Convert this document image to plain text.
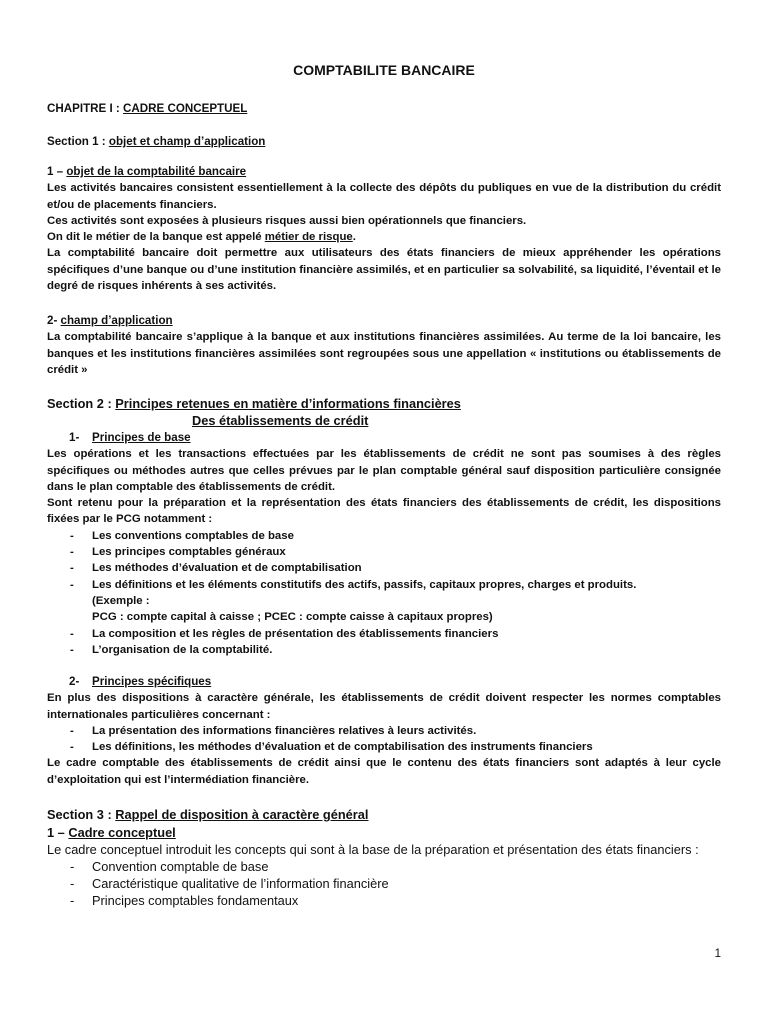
COMPTABILITE BANCAIRE
CHAPITRE I : CADRE CONCEPTUEL
Section 1 : objet et champ d’application
1 – objet de la comptabilité bancaire

Les activités bancaires consistent essentiellement à la collecte des dépôts du publiques en vue de la distribution du crédit et/ou de placements financiers.

Ces activités sont exposées à plusieurs risques aussi bien opérationnels que financiers.

On dit le métier de la banque est appelé métier de risque.

La comptabilité bancaire doit permettre aux utilisateurs des états financiers de mieux appréhender les opérations spécifiques d’une banque ou d’une institution financière assimilés, et en particulier sa solvabilité, sa liquidité, l’éventail et le degré de risques inhérents à ses activités.

2- champ d’application

La comptabilité bancaire s’applique à la banque et aux institutions financières assimilées. Au terme de la loi bancaire, les banques et les institutions financières assimilées sont regroupées sous une appellation « institutions ou établissements de crédit »

Section 2 : Principes retenues en matière d’informations financières
Des établissements de crédit
1- Principes de base

Les opérations et les transactions effectuées par les établissements de crédit ne sont pas soumises à des règles spécifiques ou méthodes autres que celles prévues par le plan comptable général sauf disposition particulière consignée dans le plan comptable des établissements de crédit.

Sont retenu pour la préparation et la représentation des états financiers des établissements de crédit, les dispositions fixées par le PCG notamment :

- Les conventions comptables de base
- Les principes comptables généraux
- Les méthodes d’évaluation et de comptabilisation
- Les définitions et les éléments constitutifs des actifs, passifs, capitaux propres, charges et produits.
(Exemple :
PCG : compte capital à caisse ; PCEC : compte caisse à capitaux propres)
- La composition et les règles de présentation des établissements financiers
- L’organisation de la comptabilité.
2- Principes spécifiques

En plus des dispositions à caractère générale, les établissements de crédit doivent respecter les normes comptables internationales particulières concernant :

- La présentation des informations financières relatives à leurs activités.
- Les définitions, les méthodes d’évaluation et de comptabilisation des instruments financiers

Le cadre comptable des établissements de crédit ainsi que le contenu des états financiers sont adaptés à leur cycle d’exploitation qui est l’intermédiation financière.

Section 3 : Rappel de disposition à caractère général
1 – Cadre conceptuel

Le cadre conceptuel introduit les concepts qui sont à la base de la préparation et présentation des états financiers :

- Convention comptable de base
- Caractéristique qualitative de l’information financière
- Principes comptables fondamentaux
1
